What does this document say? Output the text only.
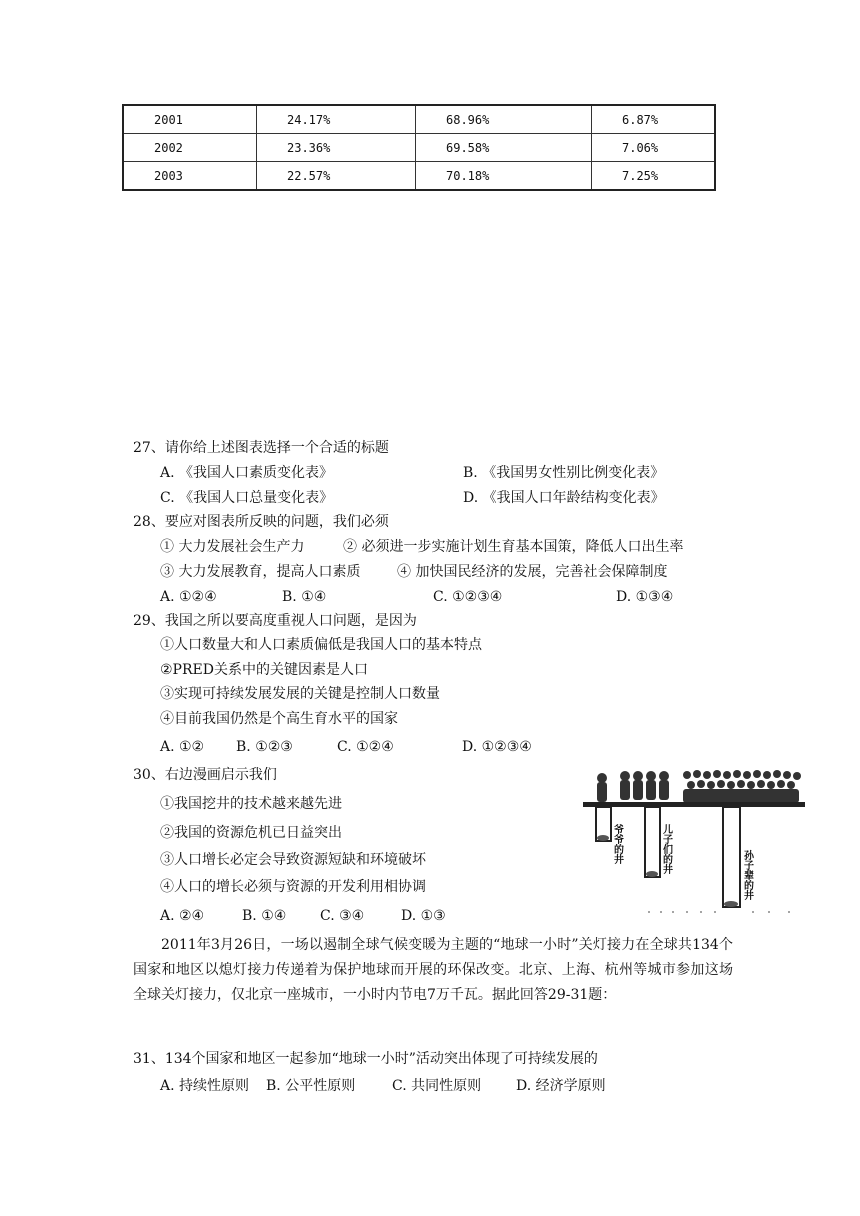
2001	24.17%	68.96%	6.87%
2002	23.36%	69.58%	7.06%
2003	22.57%	70.18%	7.25%
27、请你给上述图表选择一个合适的标题
A. 《我国人口素质变化表》	B. 《我国男女性别比例变化表》
C. 《我国人口总量变化表》	D. 《我国人口年龄结构变化表》
28、要应对图表所反映的问题，我们必须
① 大力发展社会生产力	② 必须进一步实施计划生育基本国策，降低人口出生率
③ 大力发展教育，提高人口素质	④ 加快国民经济的发展，完善社会保障制度
A. ①②④	B. ①④	C. ①②③④	D. ①③④
29、我国之所以要高度重视人口问题，是因为
①人口数量大和人口素质偏低是我国人口的基本特点
②PRED关系中的关键因素是人口
③实现可持续发展发展的关键是控制人口数量
④目前我国仍然是个高生育水平的国家
A. ①② B. ①②③	C. ①②④	D. ①②③④
30、右边漫画启示我们
①我国挖井的技术越来越先进
②我国的资源危机已日益突出
③人口增长必定会导致资源短缺和环境破坏
④人口的增长必须与资源的开发利用相协调
A. ②④	B. ①④ C. ③④	D. ①③
爷爷的井	儿子们的井
孙子辈的井
2011年3月26日，一场以遏制全球气候变暖为主题的“地球一小时”关灯接力在全球共134个国家和地区以熄灯接力传递着为保护地球而开展的环保改变。北京、上海、杭州等城市参加这场全球关灯接力，仅北京一座城市，一小时内节电7万千瓦。据此回答29-31题：
31、134个国家和地区一起参加“地球一小时”活动突出体现了可持续发展的
A. 持续性原则 B. 公平性原则	C. 共同性原则 D. 经济学原则
